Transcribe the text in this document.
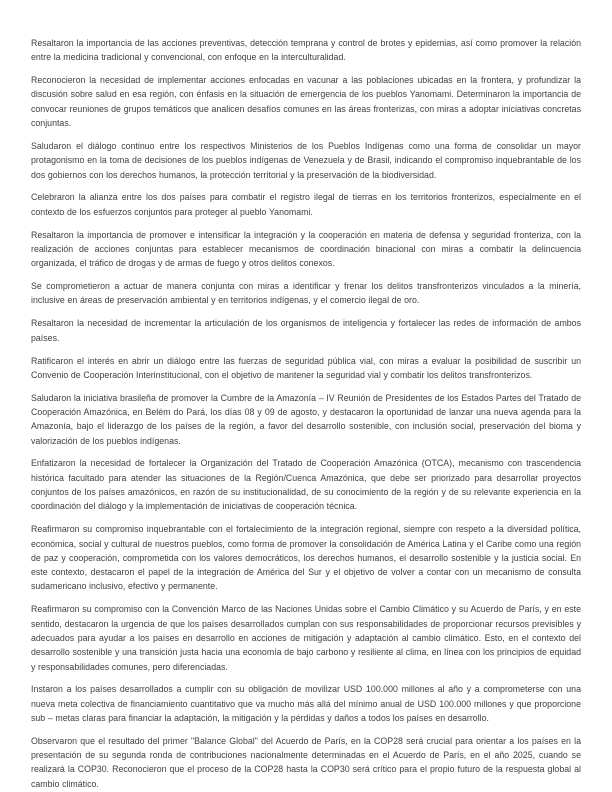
Resaltaron la importancia de las acciones preventivas, detección temprana y control de brotes y epidemias, así como promover la relación entre la medicina tradicional y convencional, con enfoque en la interculturalidad.

Reconocieron la necesidad de implementar acciones enfocadas en vacunar a las poblaciones ubicadas en la frontera, y profundizar la discusión sobre salud en esa región, con énfasis en la situación de emergencia de los pueblos Yanomami. Determinaron la importancia de convocar reuniones de grupos temáticos que analicen desafíos comunes en las áreas fronterizas, con miras a adoptar iniciativas concretas conjuntas.

Saludaron el diálogo continuo entre los respectivos Ministerios de los Pueblos Indígenas como una forma de consolidar un mayor protagonismo en la toma de decisiones de los pueblos indígenas de Venezuela y de Brasil, indicando el compromiso inquebrantable de los dos gobiernos con los derechos humanos, la protección territorial y la preservación de la biodiversidad.

Celebraron la alianza entre los dos países para combatir el registro ilegal de tierras en los territorios fronterizos, especialmente en el contexto de los esfuerzos conjuntos para proteger al pueblo Yanomami.

Resaltaron la importancia de promover e intensificar la integración y la cooperación en materia de defensa y seguridad fronteriza, con la realización de acciones conjuntas para establecer mecanismos de coordinación binacional con miras a combatir la delincuencia organizada, el tráfico de drogas y de armas de fuego y otros delitos conexos.

Se comprometieron a actuar de manera conjunta con miras a identificar y frenar los delitos transfronterizos vinculados a la minería, inclusive en áreas de preservación ambiental y en territorios indígenas, y el comercio ilegal de oro.

Resaltaron la necesidad de incrementar la articulación de los organismos de inteligencia y fortalecer las redes de información de ambos países.

Ratificaron el interés en abrir un diálogo entre las fuerzas de seguridad pública vial, con miras a evaluar la posibilidad de suscribir un Convenio de Cooperación Interinstitucional, con el objetivo de mantener la seguridad vial y combatir los delitos transfronterizos.

Saludaron la iniciativa brasileña de promover la Cumbre de la Amazonía – IV Reunión de Presidentes de los Estados Partes del Tratado de Cooperación Amazónica, en Belém do Pará, los días 08 y 09 de agosto, y destacaron la oportunidad de lanzar una nueva agenda para la Amazonía, bajo el liderazgo de los países de la región, a favor del desarrollo sostenible, con inclusión social, preservación del bioma y valorización de los pueblos indígenas.

Enfatizaron la necesidad de fortalecer la Organización del Tratado de Cooperación Amazónica (OTCA), mecanismo con trascendencia histórica facultado para atender las situaciones de la Región/Cuenca Amazónica, que debe ser priorizado para desarrollar proyectos conjuntos de los países amazónicos, en razón de su institucionalidad, de su conocimiento de la región y de su relevante experiencia en la coordinación del diálogo y la implementación de iniciativas de cooperación técnica.

Reafirmaron su compromiso inquebrantable con el fortalecimiento de la integración regional, siempre con respeto a la diversidad política, económica, social y cultural de nuestros pueblos, como forma de promover la consolidación de América Latina y el Caribe como una región de paz y cooperación, comprometida con los valores democráticos, los derechos humanos, el desarrollo sostenible y la justicia social. En este contexto, destacaron el papel de la integración de América del Sur y el objetivo de volver a contar con un mecanismo de consulta sudamericano inclusivo, efectivo y permanente.

Reafirmaron su compromiso con la Convención Marco de las Naciones Unidas sobre el Cambio Climático y su Acuerdo de París, y en este sentido, destacaron la urgencia de que los países desarrollados cumplan con sus responsabilidades de proporcionar recursos previsibles y adecuados para ayudar a los países en desarrollo en acciones de mitigación y adaptación al cambio climático. Esto, en el contexto del desarrollo sostenible y una transición justa hacia una economía de bajo carbono y resiliente al clima, en línea con los principios de equidad y responsabilidades comunes, pero diferenciadas.

Instaron a los países desarrollados a cumplir con su obligación de movilizar USD 100.000 millones al año y a comprometerse con una nueva meta colectiva de financiamiento cuantitativo que va mucho más allá del mínimo anual de USD 100.000 millones y que proporcione sub – metas claras para financiar la adaptación, la mitigación y la pérdidas y daños a todos los países en desarrollo.

Observaron que el resultado del primer "Balance Global" del Acuerdo de París, en la COP28 será crucial para orientar a los países en la presentación de su segunda ronda de contribuciones nacionalmente determinadas en el Acuerdo de París, en el año 2025, cuando se realizará la COP30. Reconocieron que el proceso de la COP28 hasta la COP30 será crítico para el propio futuro de la respuesta global al cambio climático.
